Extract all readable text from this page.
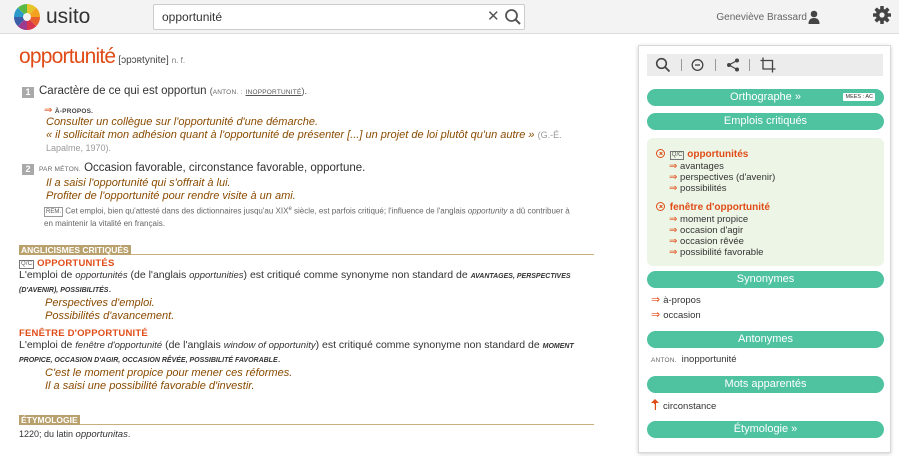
usito
opportunité	✕	Geneviève Brassard
opportunité [ɔpɔʀtynite] n. f.
1 Caractère de ce qui est opportun (ANTON. : INOPPORTUNITÉ).
⇒ À-PROPOS.
Consulter un collègue sur l'opportunité d'une démarche.
« il sollicitait mon adhésion quant à l'opportunité de présenter [...] un projet de loi plutôt qu'un autre » (G.-É. Lapalme, 1970).
2	PAR MÉTON. Occasion favorable, circonstance favorable, opportune.
Il a saisi l'opportunité qui s'offrait à lui.
Profiter de l'opportunité pour rendre visite à un ami.
REM. Cet emploi, bien qu'attesté dans des dictionnaires jusqu'au XIXe siècle, est parfois critiqué; l'influence de l'anglais opportunity a dû contribuer à en maintenir la vitalité en français.
ANGLICISMES CRITIQUÉS
Q/C OPPORTUNITÉS
L'emploi de opportunités (de l'anglais opportunities) est critiqué comme synonyme non standard de AVANTAGES, PERSPECTIVES (D'AVENIR), POSSIBILITÉS.
Perspectives d'emploi.
Possibilités d'avancement.
FENÊTRE D'OPPORTUNITÉ
L'emploi de fenêtre d'opportunité (de l'anglais window of opportunity) est critiqué comme synonyme non standard de MOMENT PROPICE, OCCASION D'AGIR, OCCASION RÊVÉE, POSSIBILITÉ FAVORABLE.
C'est le moment propice pour mener ces réformes.
Il a saisi une possibilité favorable d'investir.
ÉTYMOLOGIE
1220; du latin opportunitas.
Orthographe »	MEES : AC
Emplois critiqués
Q/C opportunités
⇒ avantages
⇒ perspectives (d'avenir)
⇒ possibilités
fenêtre d'opportunité
⇒ moment propice
⇒ occasion d'agir
⇒ occasion rêvée
⇒ possibilité favorable
Synonymes
⇒ à-propos
⇒ occasion
Antonymes
ANTON. inopportunité
Mots apparentés
circonstance
Étymologie »
